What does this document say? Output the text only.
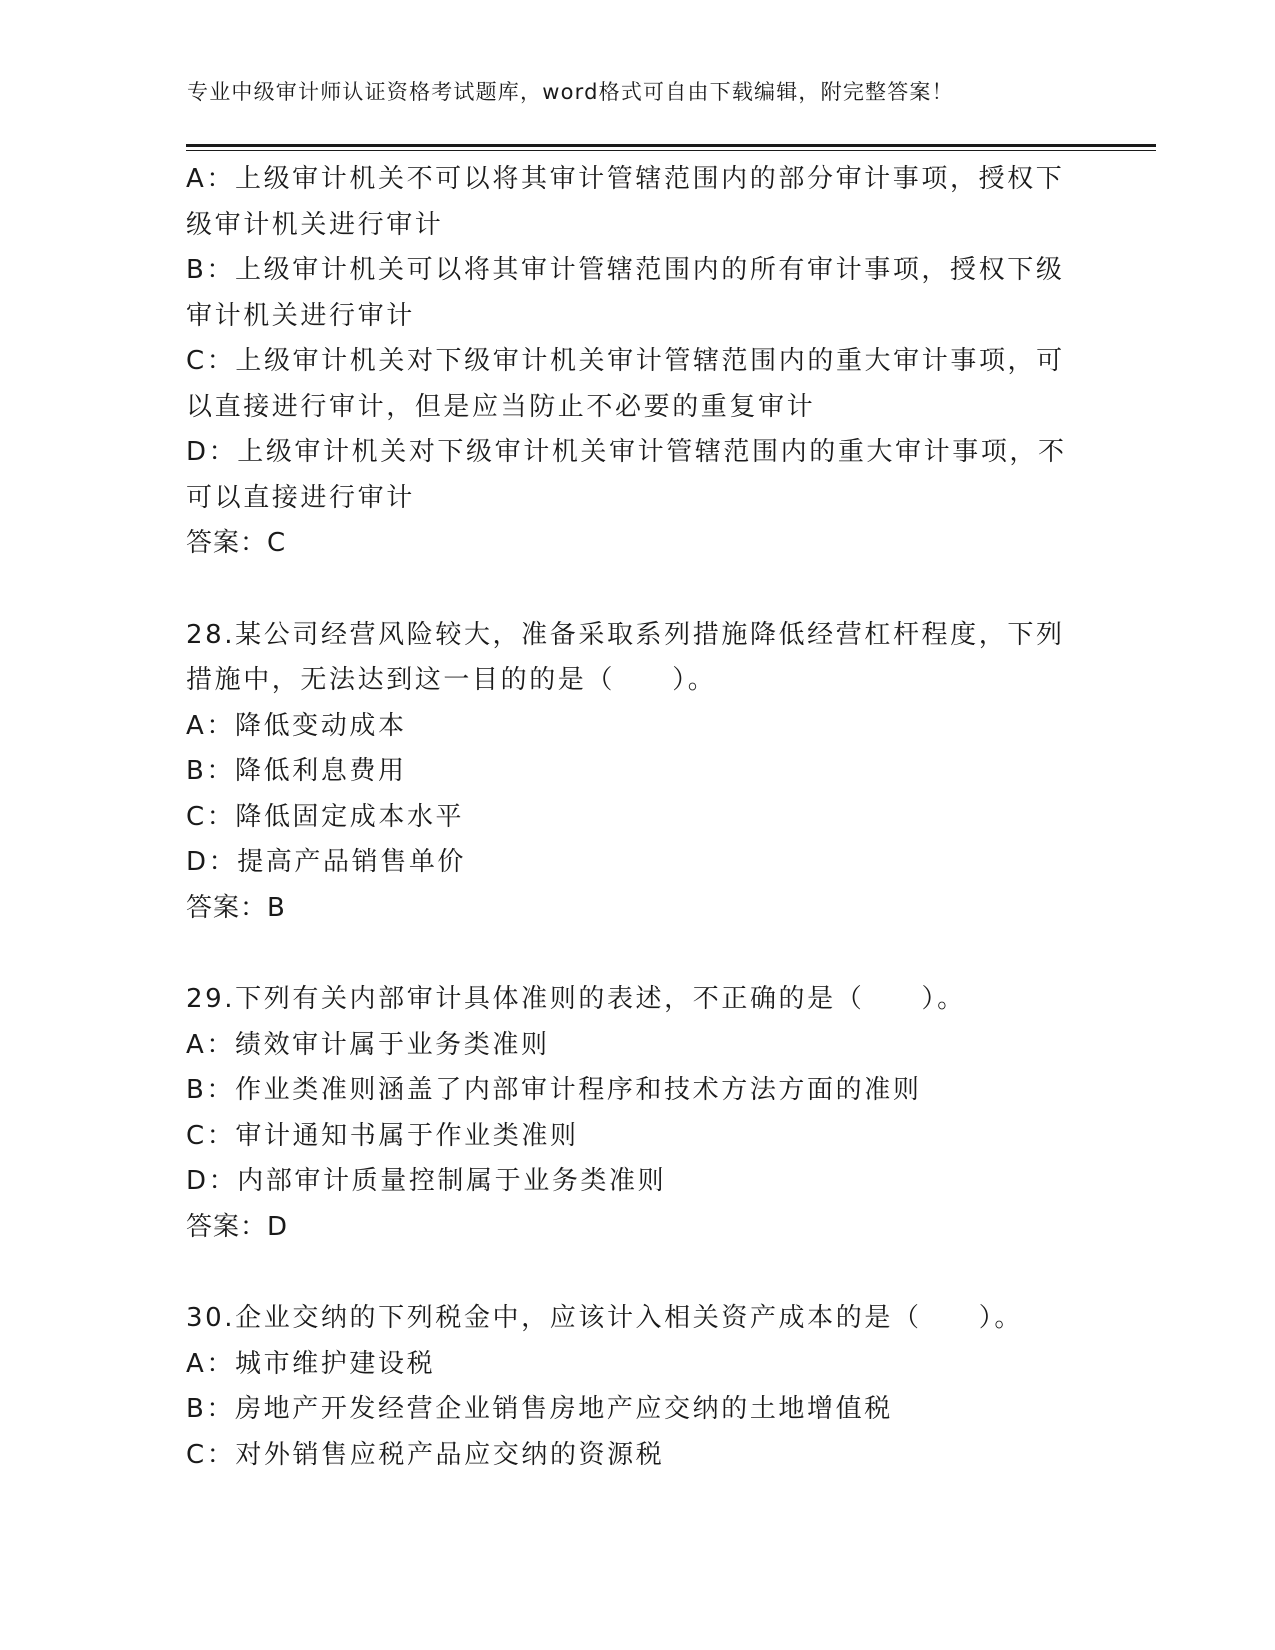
专业中级审计师认证资格考试题库，word格式可自由下载编辑，附完整答案！
A：上级审计机关不可以将其审计管辖范围内的部分审计事项，授权下
级审计机关进行审计
B：上级审计机关可以将其审计管辖范围内的所有审计事项，授权下级
审计机关进行审计
C：上级审计机关对下级审计机关审计管辖范围内的重大审计事项，可
以直接进行审计，但是应当防止不必要的重复审计
D：上级审计机关对下级审计机关审计管辖范围内的重大审计事项，不
可以直接进行审计
答案：C
28.某公司经营风险较大，准备采取系列措施降低经营杠杆程度，下列
措施中，无法达到这一目的的是（　　）。
A：降低变动成本
B：降低利息费用
C：降低固定成本水平
D：提高产品销售单价
答案：B
29.下列有关内部审计具体准则的表述，不正确的是（　　）。
A：绩效审计属于业务类准则
B：作业类准则涵盖了内部审计程序和技术方法方面的准则
C：审计通知书属于作业类准则
D：内部审计质量控制属于业务类准则
答案：D
30.企业交纳的下列税金中，应该计入相关资产成本的是（　　）。
A：城市维护建设税
B：房地产开发经营企业销售房地产应交纳的土地增值税
C：对外销售应税产品应交纳的资源税
